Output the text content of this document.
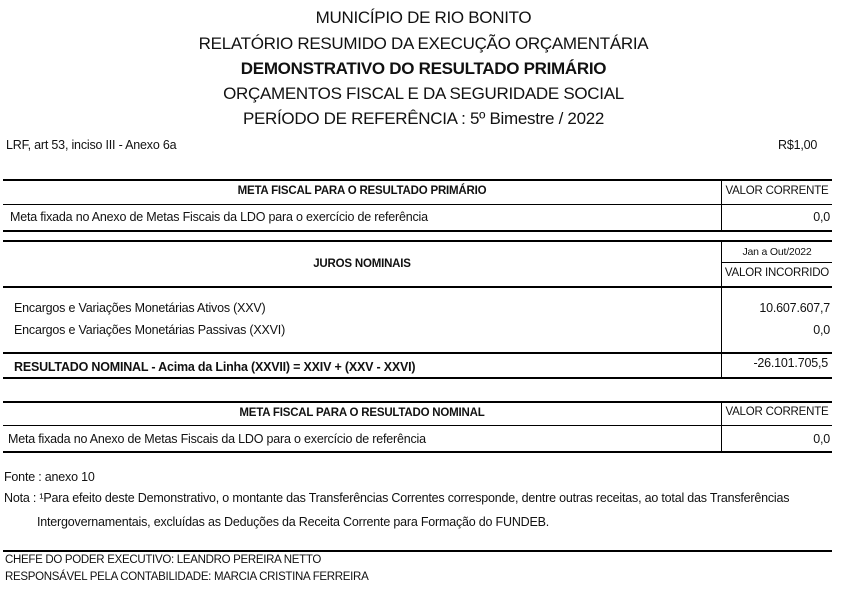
MUNICÍPIO DE RIO BONITO
RELATÓRIO RESUMIDO DA EXECUÇÃO ORÇAMENTÁRIA
DEMONSTRATIVO DO RESULTADO PRIMÁRIO
ORÇAMENTOS FISCAL E DA SEGURIDADE SOCIAL
PERÍODO DE REFERÊNCIA : 5º Bimestre / 2022
LRF, art 53, inciso III - Anexo 6a	R$1,00
META FISCAL PARA O RESULTADO PRIMÁRIO	VALOR CORRENTE
Meta fixada no Anexo de Metas Fiscais da LDO para o exercício de referência	0,0
JUROS NOMINAIS
Jan a Out/2022
VALOR INCORRIDO
Encargos e Variações Monetárias Ativos (XXV)	10.607.607,7
Encargos e Variações Monetárias Passivas (XXVI)	0,0
RESULTADO NOMINAL - Acima da Linha (XXVII) = XXIV + (XXV - XXVI)	-26.101.705,5
META FISCAL PARA O RESULTADO NOMINAL	VALOR CORRENTE
Meta fixada no Anexo de Metas Fiscais da LDO para o exercício de referência	0,0
Fonte : anexo 10
Nota : ¹Para efeito deste Demonstrativo, o montante das Transferências Correntes corresponde, dentre outras receitas, ao total das Transferências
Intergovernamentais, excluídas as Deduções da Receita Corrente para Formação do FUNDEB.
CHEFE DO PODER EXECUTIVO: LEANDRO PEREIRA NETTO
RESPONSÁVEL PELA CONTABILIDADE: MARCIA CRISTINA FERREIRA
